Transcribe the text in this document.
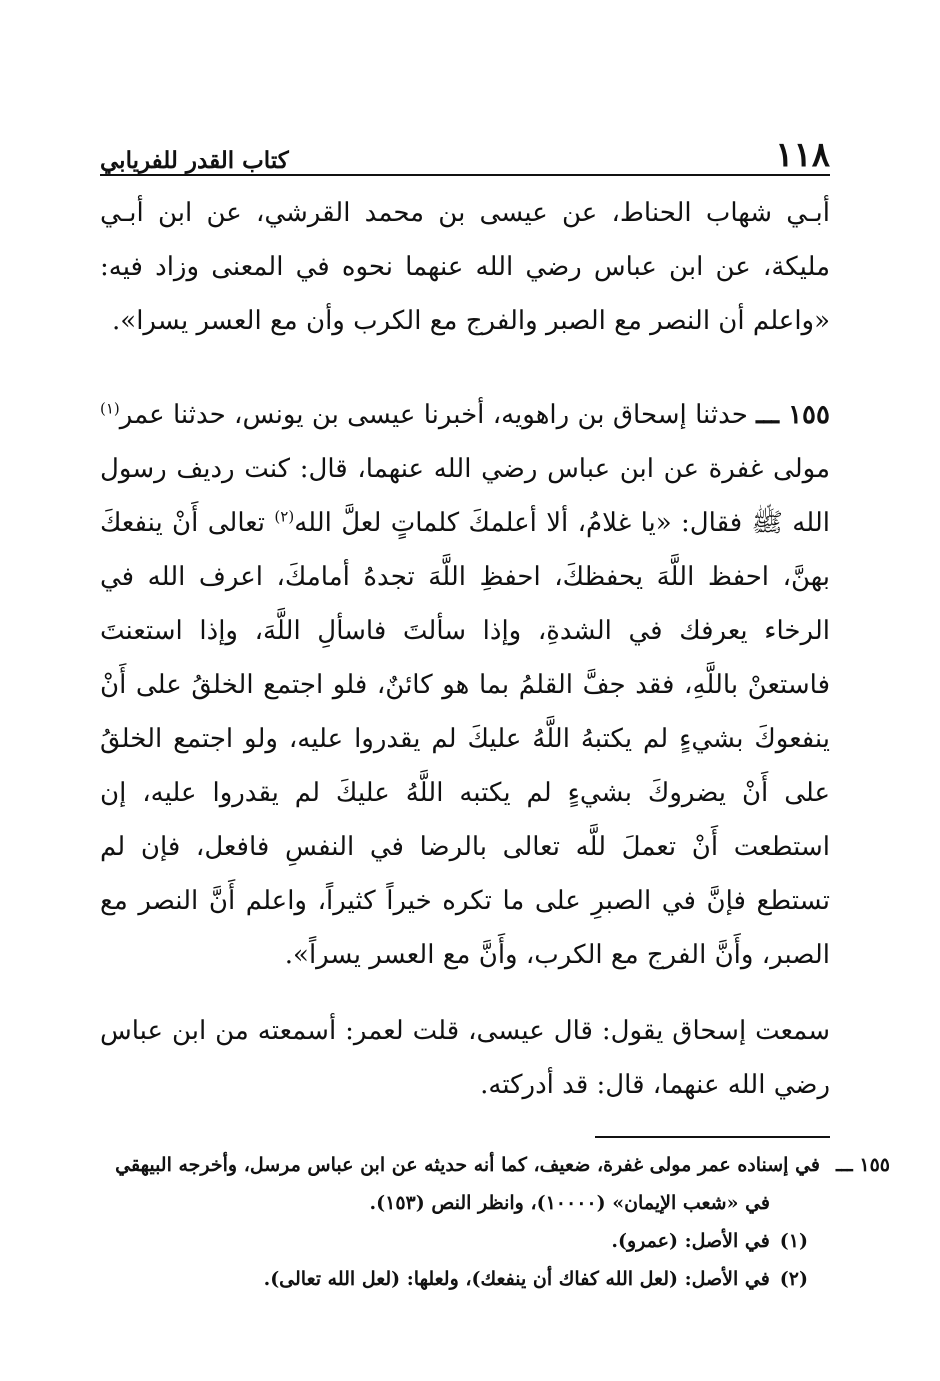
١١٨
كتاب القدر للفريابي

أبـي شهاب الحناط، عن عيسى بن محمد القرشي، عن ابن أبـي مليكة، عن ابن عباس رضي الله عنهما نحوه في المعنى وزاد فيه: «واعلم أن النصر مع الصبر والفرج مع الكرب وأن مع العسر يسرا».

١٥٥ ـــ حدثنا إسحاق بن راهويه، أخبرنا عيسى بن يونس، حدثنا عمر$^{(١)}$ مولى غفرة عن ابن عباس رضي الله عنهما، قال: كنت رديف رسول الله ﷺ فقال: «يا غلامُ، ألا أعلمكَ كلماتٍ لعلَّ الله$^{(٢)}$ تعالى أَنْ ينفعكَ بهنَّ، احفظ اللَّهَ يحفظكَ، احفظِ اللَّهَ تجدهُ أمامكَ، اعرف الله في الرخاء يعرفك في الشدةِ، وإذا سألتَ فاسألِ اللَّهَ، وإذا استعنتَ فاستعنْ باللَّهِ، فقد جفَّ القلمُ بما هو كائنٌ، فلو اجتمع الخلقُ على أَنْ ينفعوكَ بشيءٍ لم يكتبهُ اللَّهُ عليكَ لم يقدروا عليه، ولو اجتمع الخلقُ على أَنْ يضروكَ بشيءٍ لم يكتبه اللَّهُ عليكَ لم يقدروا عليه، إن استطعت أَنْ تعملَ للَّه تعالى بالرضا في النفسِ فافعل، فإن لم تستطع فإنَّ في الصبرِ على ما تكره خيراً كثيراً، واعلم أَنَّ النصر مع الصبر، وأَنَّ الفرج مع الكرب، وأَنَّ مع العسر يسراً».

سمعت إسحاق يقول: قال عيسى، قلت لعمر: أسمعته من ابن عباس رضي الله عنهما، قال: قد أدركته.

١٥٥ ـــفي إسناده عمر مولى غفرة، ضعيف، كما أنه حديثه عن ابن عباس مرسل، وأخرجه البيهقي في «شعب الإيمان» (١٠٠٠٠)، وانظر النص (١٥٣).

(١)في الأصل: (عمرو).

(٢)في الأصل: (لعل الله كفاك أن ينفعك)، ولعلها: (لعل الله تعالى).
